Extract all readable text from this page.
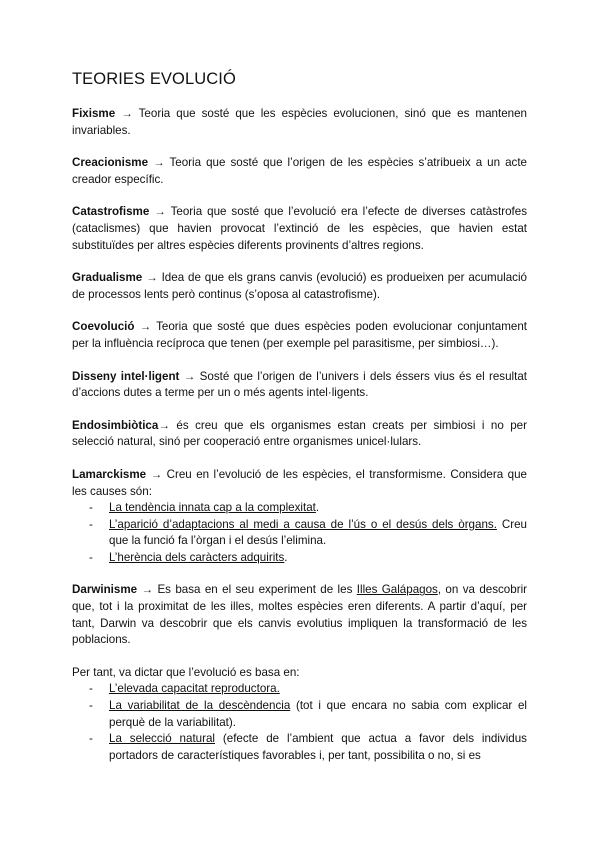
TEORIES EVOLUCIÓ

Fixisme → Teoria que sosté que les espècies evolucionen, sinó que es mantenen invariables.

Creacionisme → Teoria que sosté que l’origen de les espècies s’atribueix a un acte creador específic.

Catastrofisme → Teoria que sosté que l’evolució era l’efecte de diverses catàstrofes (cataclismes) que havien provocat l’extinció de les espècies, que havien estat substituïdes per altres espècies diferents provinents d’altres regions.

Gradualisme → Idea de que els grans canvis (evolució) es produeixen per acumulació de processos lents però continus (s’oposa al catastrofisme).

Coevolució → Teoria que sosté que dues espècies poden evolucionar conjuntament per la influència recíproca que tenen (per exemple pel parasitisme, per simbiosi…).

Disseny intel·ligent → Sosté que l’origen de l’univers i dels éssers vius és el resultat d’accions dutes a terme per un o més agents intel·ligents.

Endosimbiòtica→ és creu que els organismes estan creats per simbiosi i no per selecció natural, sinó per cooperació entre organismes unicel·lulars.

Lamarckisme → Creu en l’evolució de les espècies, el transformisme. Considera que les causes són:
- La tendència innata cap a la complexitat.
- L’aparició d’adaptacions al medi a causa de l’ús o el desús dels òrgans. Creu que la funció fa l’òrgan i el desús l’elimina.
- L’herència dels caràcters adquirits.

Darwinisme → Es basa en el seu experiment de les Illes Galápagos, on va descobrir que, tot i la proximitat de les illes, moltes espècies eren diferents. A partir d’aquí, per tant, Darwin va descobrir que els canvis evolutius impliquen la transformació de les poblacions.

Per tant, va dictar que l’evolució es basa en:

- L’elevada capacitat reproductora.
- La variabilitat de la descèndencia (tot i que encara no sabia com explicar el perquè de la variabilitat).
- La selecció natural (efecte de l’ambient que actua a favor dels individus portadors de característiques favorables i, per tant, possibilita o no, si es
